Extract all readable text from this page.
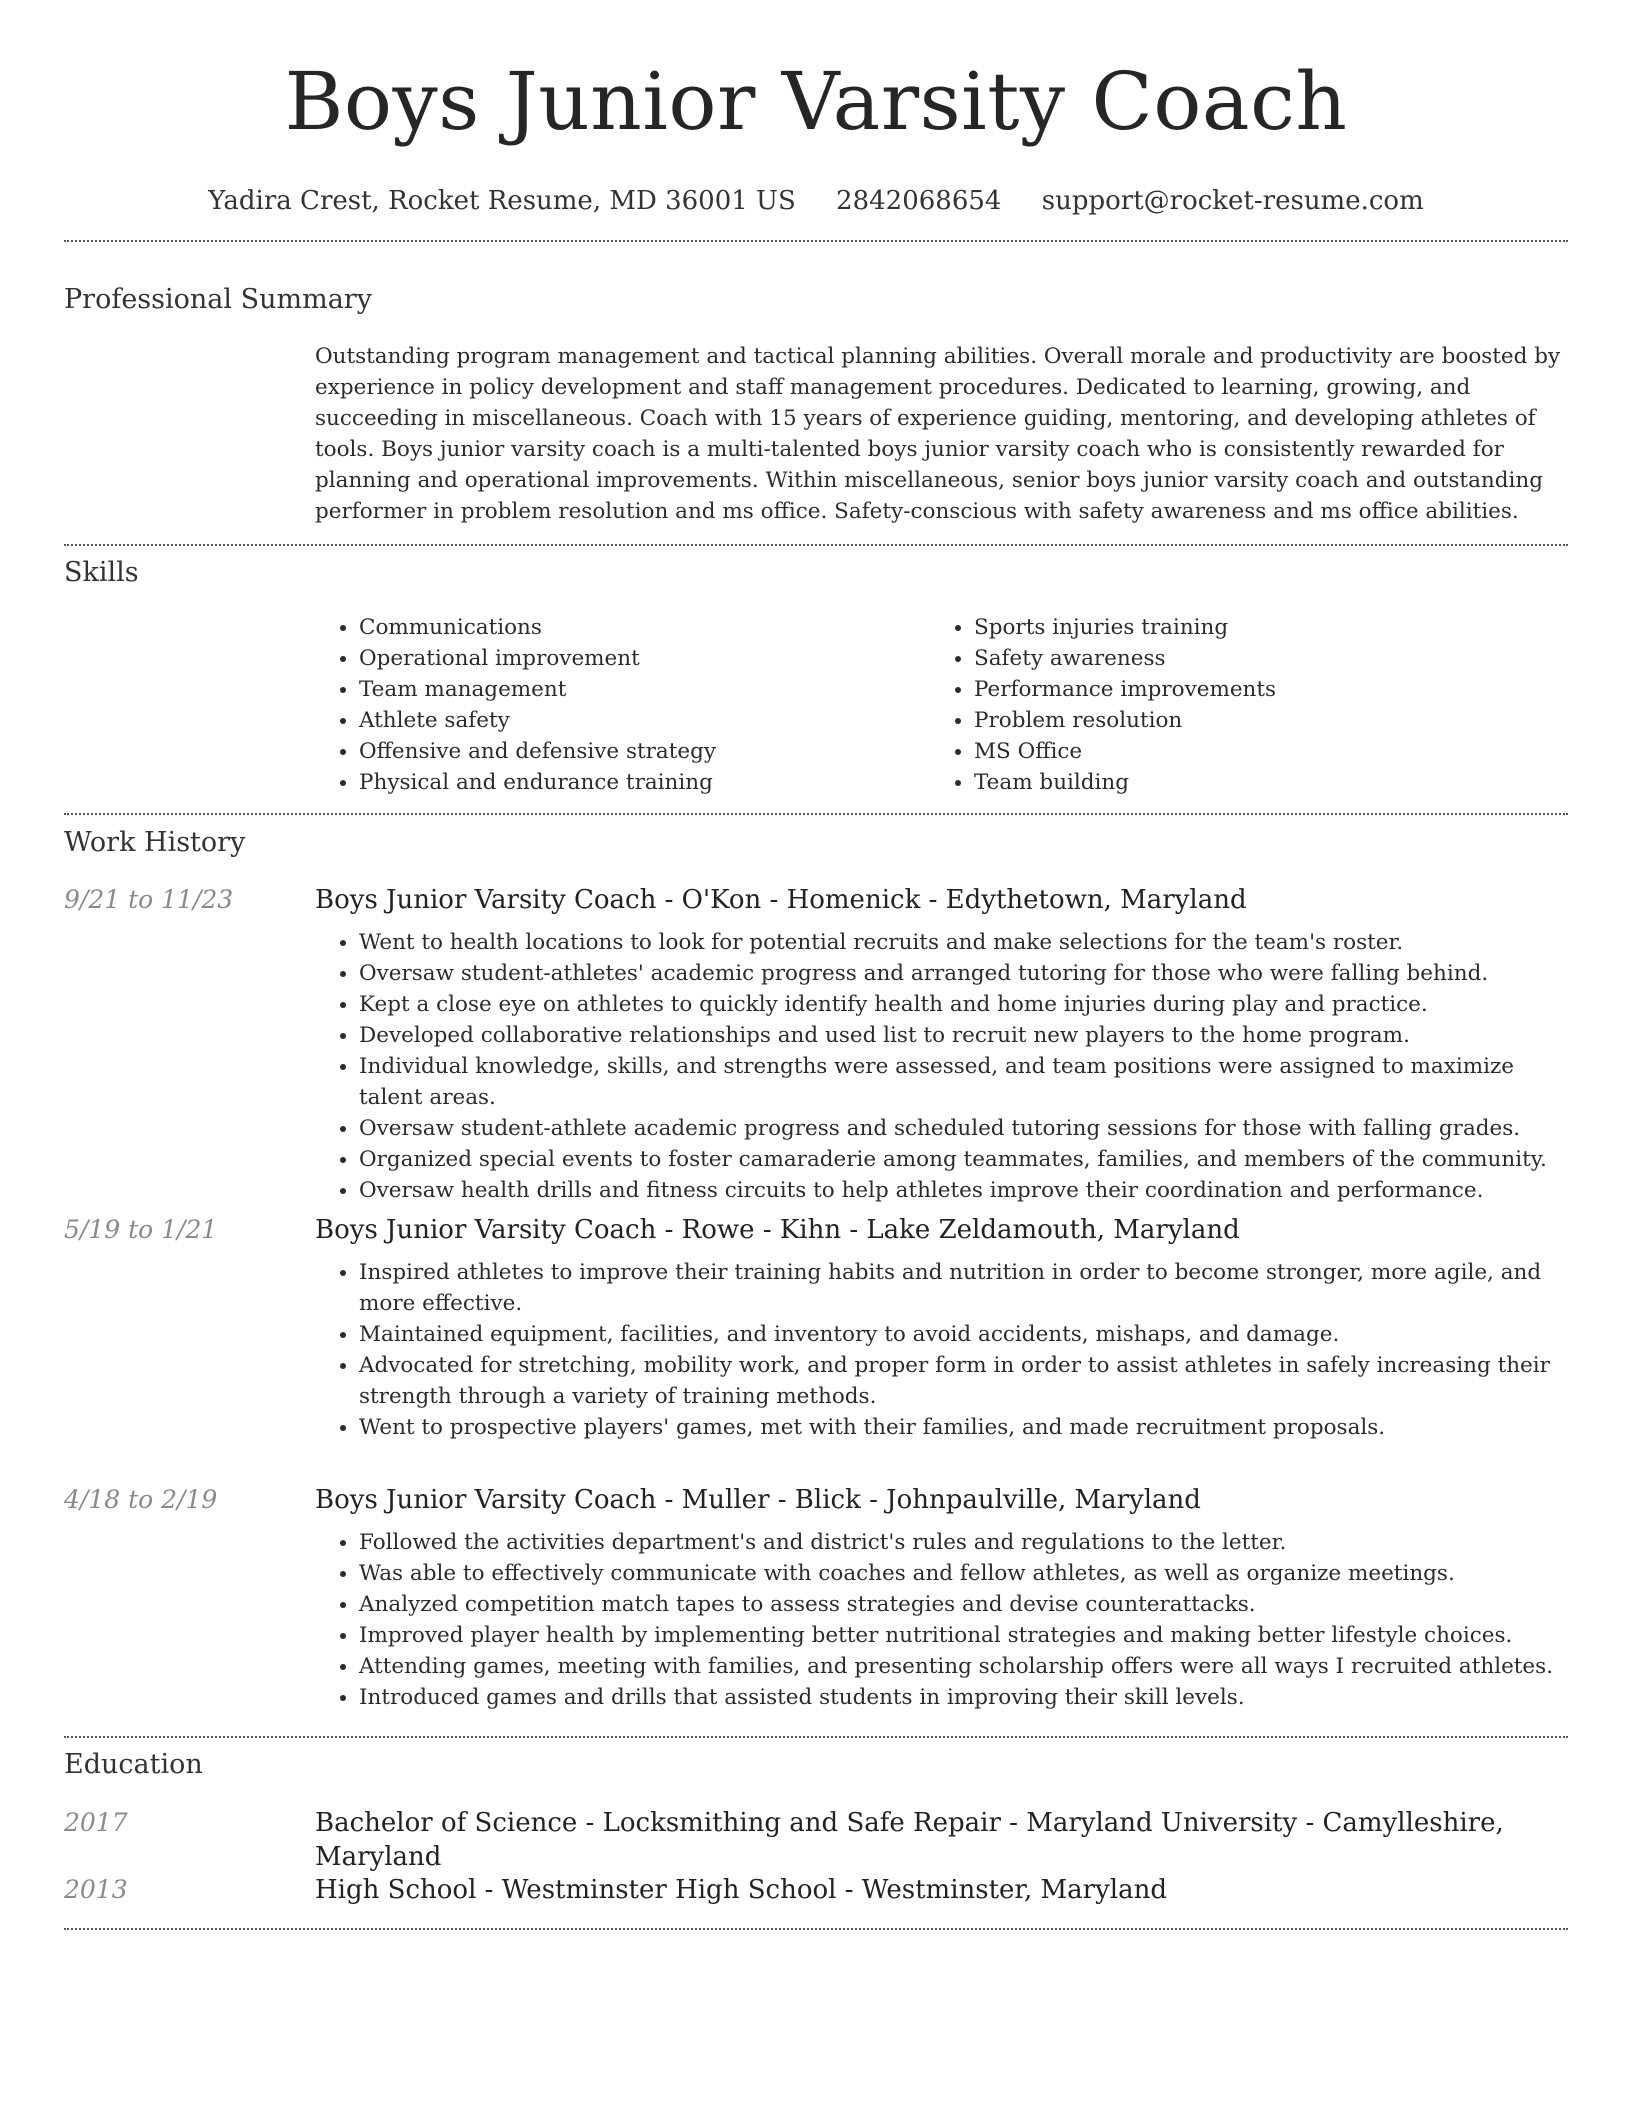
Boys Junior Varsity Coach
Yadira Crest, Rocket Resume, MD 36001 US 2842068654 support@rocket-resume.com
Professional Summary

Outstanding program management and tactical planning abilities. Overall morale and productivity are boosted by experience in policy development and staff management procedures. Dedicated to learning, growing, and succeeding in miscellaneous. Coach with 15 years of experience guiding, mentoring, and developing athletes of tools. Boys junior varsity coach is a multi-talented boys junior varsity coach who is consistently rewarded for planning and operational improvements. Within miscellaneous, senior boys junior varsity coach and outstanding performer in problem resolution and ms office. Safety-conscious with safety awareness and ms office abilities.

Skills
• Communications
• Operational improvement
• Team management
• Athlete safety
• Offensive and defensive strategy
• Physical and endurance training
• Sports injuries training
• Safety awareness
• Performance improvements
• Problem resolution
• MS Office
• Team building
Work History
9/21 to 11/23	Boys Junior Varsity Coach - O'Kon - Homenick - Edythetown, Maryland
• Went to health locations to look for potential recruits and make selections for the team's roster.
• Oversaw student-athletes' academic progress and arranged tutoring for those who were falling behind.
• Kept a close eye on athletes to quickly identify health and home injuries during play and practice.
• Developed collaborative relationships and used list to recruit new players to the home program.
• Individual knowledge, skills, and strengths were assessed, and team positions were assigned to maximize talent areas.
• Oversaw student-athlete academic progress and scheduled tutoring sessions for those with falling grades.
• Organized special events to foster camaraderie among teammates, families, and members of the community.
• Oversaw health drills and fitness circuits to help athletes improve their coordination and performance.
5/19 to 1/21	Boys Junior Varsity Coach - Rowe - Kihn - Lake Zeldamouth, Maryland
• Inspired athletes to improve their training habits and nutrition in order to become stronger, more agile, and more effective.
• Maintained equipment, facilities, and inventory to avoid accidents, mishaps, and damage.
• Advocated for stretching, mobility work, and proper form in order to assist athletes in safely increasing their strength through a variety of training methods.
• Went to prospective players' games, met with their families, and made recruitment proposals.
4/18 to 2/19	Boys Junior Varsity Coach - Muller - Blick - Johnpaulville, Maryland
• Followed the activities department's and district's rules and regulations to the letter.
• Was able to effectively communicate with coaches and fellow athletes, as well as organize meetings.
• Analyzed competition match tapes to assess strategies and devise counterattacks.
• Improved player health by implementing better nutritional strategies and making better lifestyle choices.
• Attending games, meeting with families, and presenting scholarship offers were all ways I recruited athletes.
• Introduced games and drills that assisted students in improving their skill levels.
Education
2017	Bachelor of Science - Locksmithing and Safe Repair - Maryland University - Camylleshire, Maryland
2013	High School - Westminster High School - Westminster, Maryland
